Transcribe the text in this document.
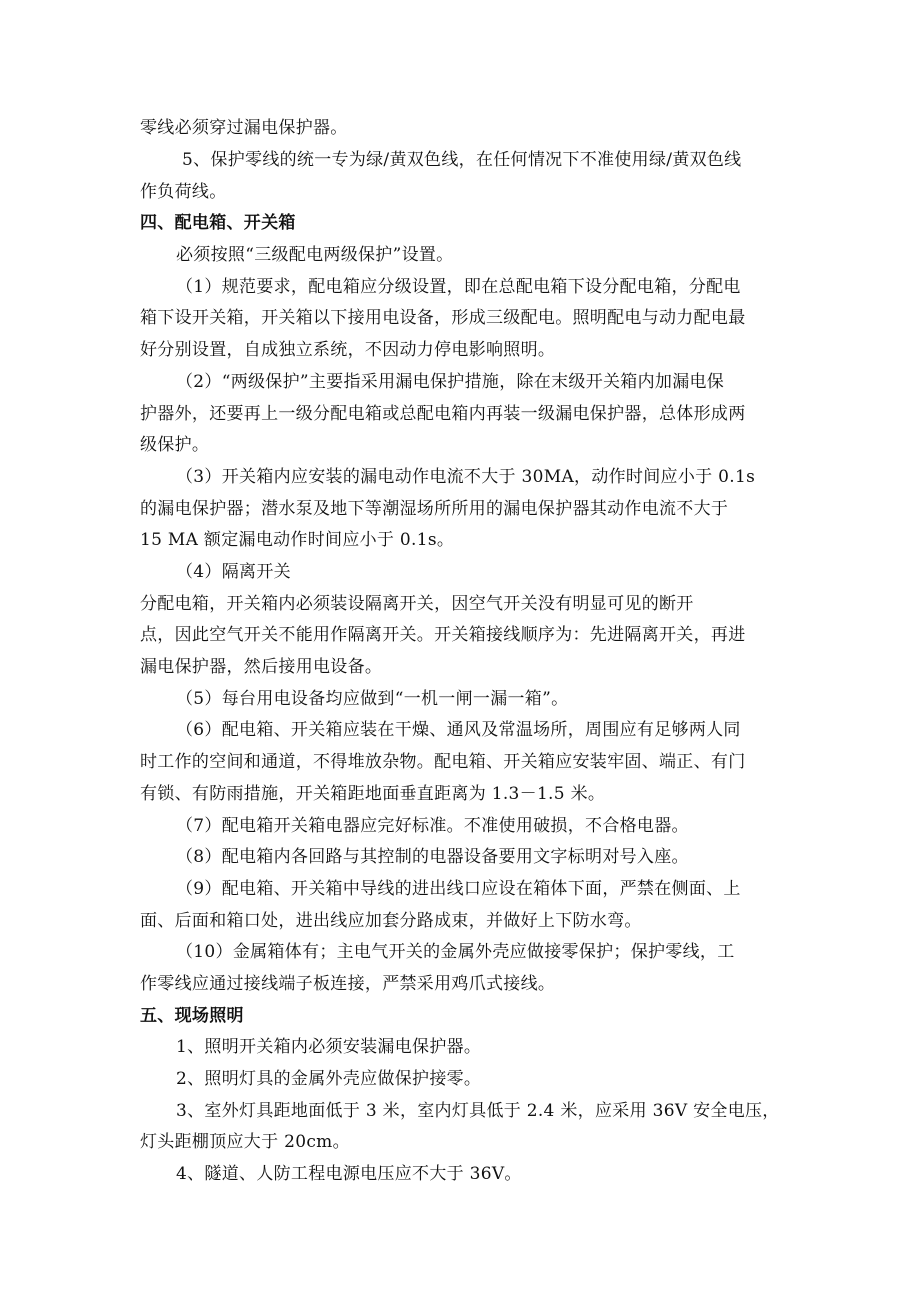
零线必须穿过漏电保护器。
5、保护零线的统一专为绿/黄双色线，在任何情况下不准使用绿/黄双色线
作负荷线。
四、配电箱、开关箱
必须按照“三级配电两级保护”设置。
（1）规范要求，配电箱应分级设置，即在总配电箱下设分配电箱，分配电
箱下设开关箱，开关箱以下接用电设备，形成三级配电。照明配电与动力配电最
好分别设置，自成独立系统，不因动力停电影响照明。
（2）“两级保护”主要指采用漏电保护措施，除在末级开关箱内加漏电保
护器外，还要再上一级分配电箱或总配电箱内再装一级漏电保护器，总体形成两
级保护。
（3）开关箱内应安装的漏电动作电流不大于 30MA，动作时间应小于 0.1s
的漏电保护器；潜水泵及地下等潮湿场所所用的漏电保护器其动作电流不大于
15 MA 额定漏电动作时间应小于 0.1s。
（4）隔离开关
分配电箱，开关箱内必须装设隔离开关，因空气开关没有明显可见的断开
点，因此空气开关不能用作隔离开关。开关箱接线顺序为：先进隔离开关，再进
漏电保护器，然后接用电设备。
（5）每台用电设备均应做到“一机一闸一漏一箱”。
（6）配电箱、开关箱应装在干燥、通风及常温场所，周围应有足够两人同
时工作的空间和通道，不得堆放杂物。配电箱、开关箱应安装牢固、端正、有门
有锁、有防雨措施，开关箱距地面垂直距离为 1.3－1.5 米。
（7）配电箱开关箱电器应完好标准。不准使用破损，不合格电器。
（8）配电箱内各回路与其控制的电器设备要用文字标明对号入座。
（9）配电箱、开关箱中导线的进出线口应设在箱体下面，严禁在侧面、上
面、后面和箱口处，进出线应加套分路成束，并做好上下防水弯。
（10）金属箱体有；主电气开关的金属外壳应做接零保护；保护零线，工
作零线应通过接线端子板连接，严禁采用鸡爪式接线。
五、现场照明
1、照明开关箱内必须安装漏电保护器。
2、照明灯具的金属外壳应做保护接零。
3、室外灯具距地面低于 3 米，室内灯具低于 2.4 米，应采用 36V 安全电压，
灯头距棚顶应大于 20cm。
4、隧道、人防工程电源电压应不大于 36V。
